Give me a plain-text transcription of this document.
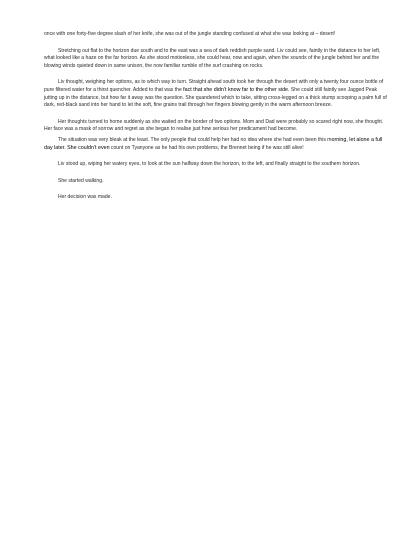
once with one forty-five degree slash of her knife, she was out of the jungle standing confused at what she was looking at – desert!

Stretching out flat to the horizon due south and to the east was a sea of dark reddish purple sand. Liv could see, faintly in the distance to her left, what looked like a haze on the far horizon. As she stood motionless, she could hear, now and again, when the sounds of the jungle behind her and the blowing winds quieted down in same unison, the now familiar rumble of the surf crashing on rocks.

Liv thought, weighing her options, as to which way to turn. Straight ahead south took her through the desert with only a twenty four ounce bottle of pure filtered water for a thirst quencher. Added to that was the fact that she didn’t know far to the other side. She could still faintly see Jagged Peak jutting up in the distance, but how far it away was the question. She quandered which to take, sitting cross-legged on a thick stump scooping a palm full of dark, red-black sand into her hand to let the soft, fine grains trail through her fingers blowing gently in the warm afternoon breeze.

Her thoughts turned to home suddenly as she waited on the border of two options. Mom and Dad were probably so scared right now, she thought. Her face was a mask of sorrow and regret as she began to realise just how serious her predicament had become.

The situation was very bleak at the least. The only people that could help her had no idea where she had even been this morning, let alone a full day later. She couldn’t even count on Tyanyone as he had his own problems, the Brennet being if he was still alive!

Liv stood up, wiping her watery eyes, to look at the sun halfway down the horizon, to the left, and finally straight to the southern horizon.

She started walking.

Her decision was made.
